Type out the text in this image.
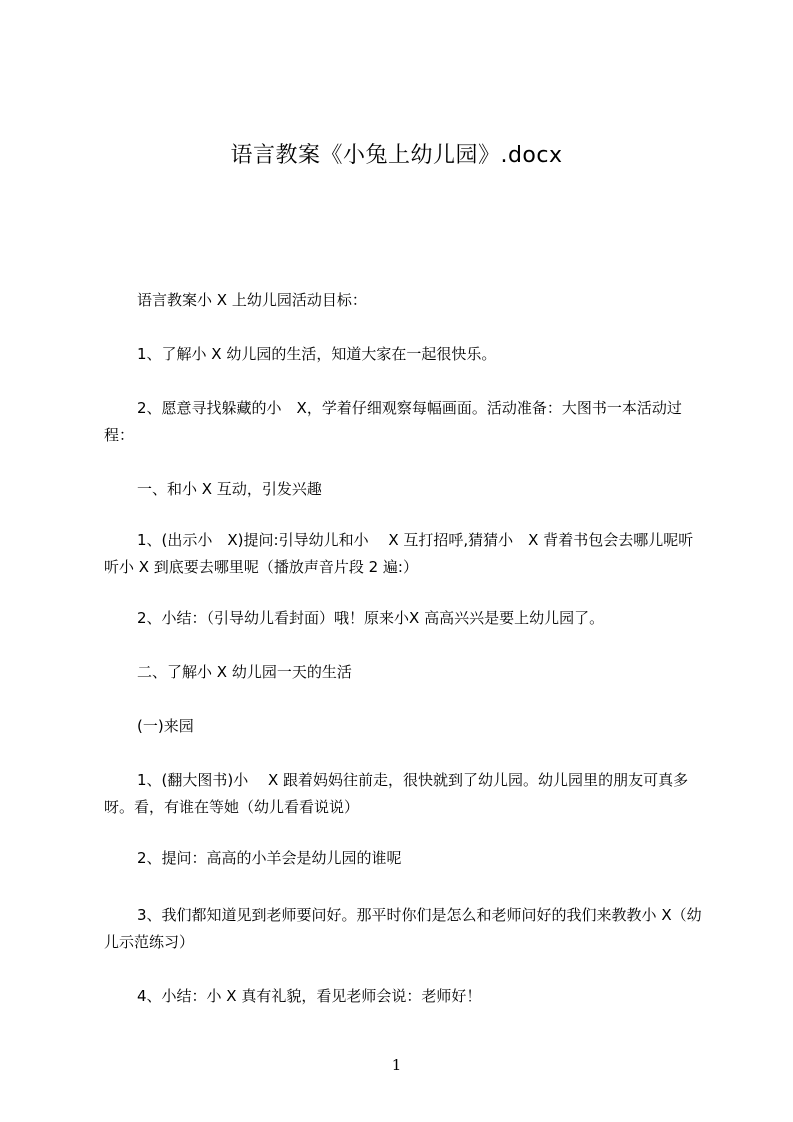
语言教案《小兔上幼儿园》.docx

语言教案小 X 上幼儿园活动目标：

1、了解小 X 幼儿园的生活，知道大家在一起很快乐。

2、愿意寻找躲藏的小　X，学着仔细观察每幅画面。活动准备：大图书一本活动过程：

一、和小 X 互动，引发兴趣

1、(出示小　X)提问:引导幼儿和小　 X 互打招呼,猜猜小　X 背着书包会去哪儿呢听听小 X 到底要去哪里呢（播放声音片段 2 遍:）

2、小结：（引导幼儿看封面）哦！原来小X 高高兴兴是要上幼儿园了。

二、了解小 X 幼儿园一天的生活

(一)来园

1、(翻大图书)小　 X 跟着妈妈往前走，很快就到了幼儿园。幼儿园里的朋友可真多呀。看，有谁在等她（幼儿看看说说）

2、提问：高高的小羊会是幼儿园的谁呢

3、我们都知道见到老师要问好。那平时你们是怎么和老师问好的我们来教教小 X（幼儿示范练习）

4、小结：小 X 真有礼貌，看见老师会说：老师好！

1
